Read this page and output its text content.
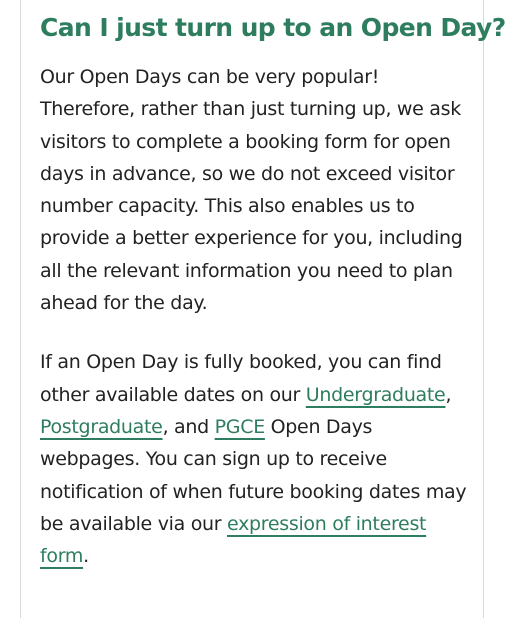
Can I just turn up to an Open Day?

Our Open Days can be very popular! Therefore, rather than just turning up, we ask visitors to complete a booking form for open days in advance, so we do not exceed visitor number capacity. This also enables us to provide a better experience for you, including all the relevant information you need to plan ahead for the day.

If an Open Day is fully booked, you can find other available dates on our Undergraduate, Postgraduate, and PGCE Open Days webpages. You can sign up to receive notification of when future booking dates may be available via our expression of interest form.
